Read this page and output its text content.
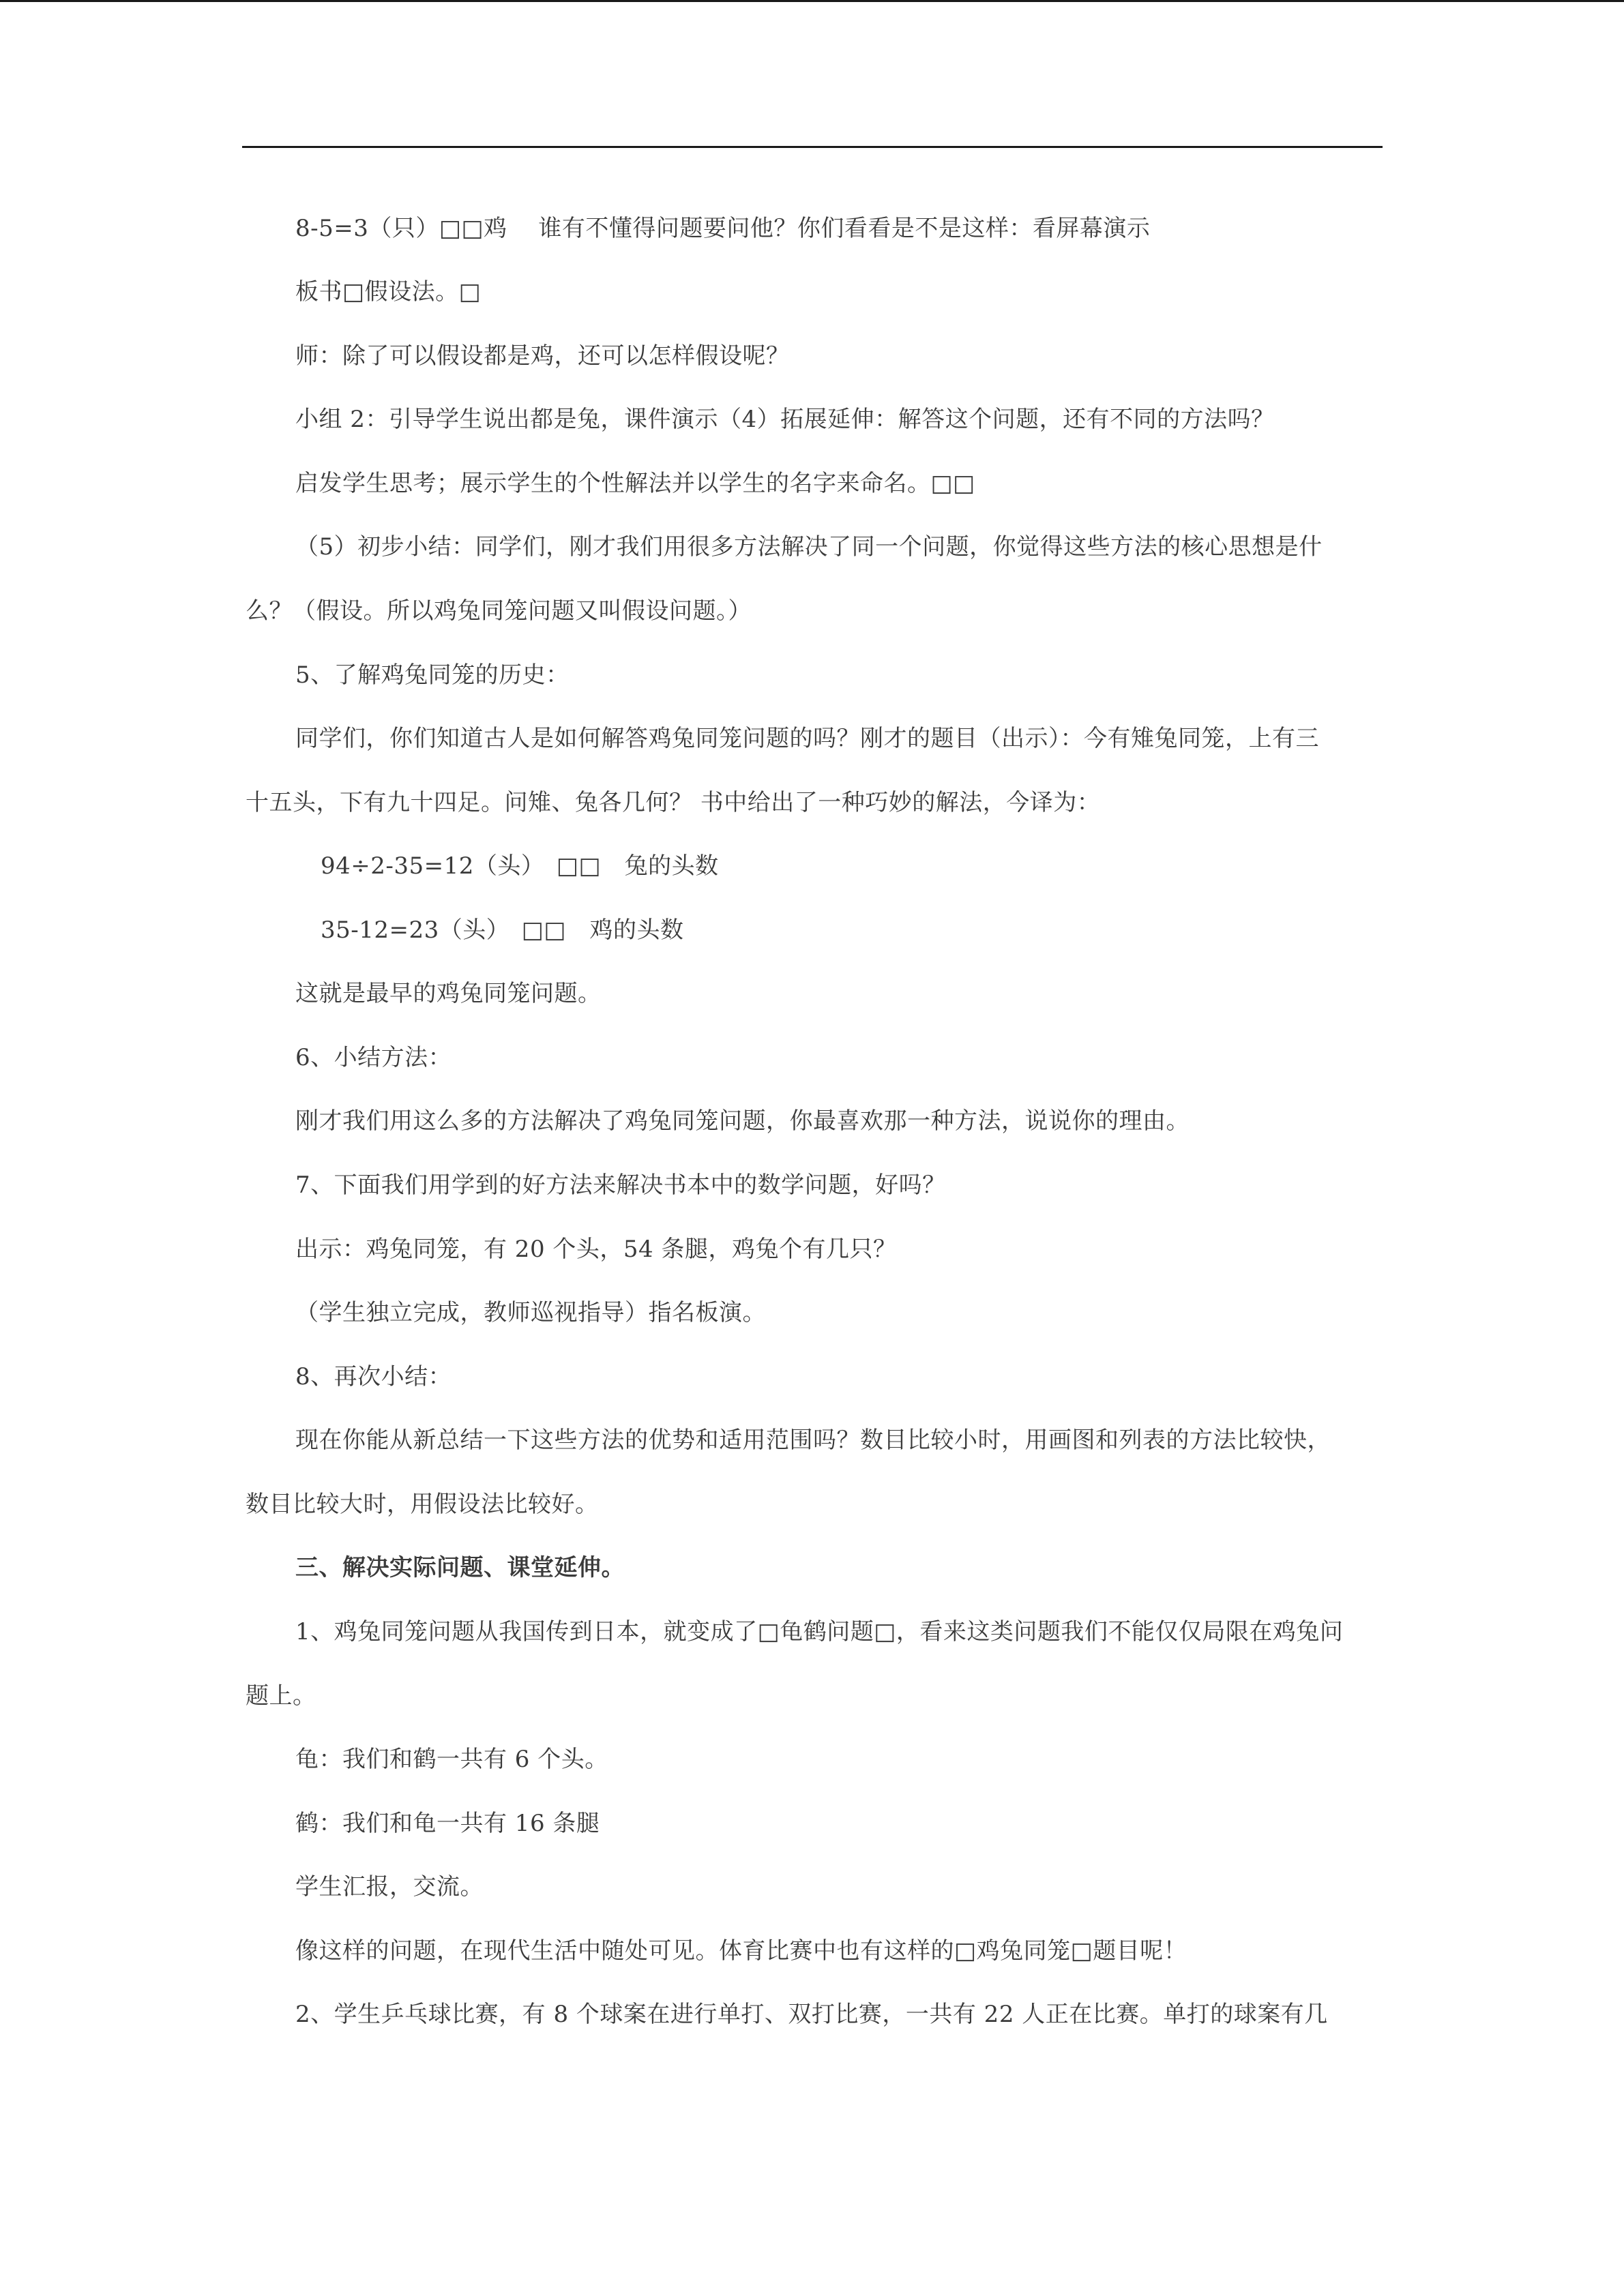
8-5=3（只）□□鸡　 谁有不懂得问题要问他？你们看看是不是这样：看屏幕演示
板书□假设法。□
师：除了可以假设都是鸡，还可以怎样假设呢？
小组 2：引导学生说出都是兔，课件演示（4）拓展延伸：解答这个问题，还有不同的方法吗？
启发学生思考；展示学生的个性解法并以学生的名字来命名。□□
（5）初步小结：同学们，刚才我们用很多方法解决了同一个问题，你觉得这些方法的核心思想是什
么？（假设。所以鸡兔同笼问题又叫假设问题。）
5、了解鸡兔同笼的历史：
同学们，你们知道古人是如何解答鸡兔同笼问题的吗？刚才的题目（出示）：今有雉兔同笼，上有三
十五头，下有九十四足。问雉、兔各几何？ 书中给出了一种巧妙的解法，今译为：
94÷2-35=12（头）　□□　兔的头数
35-12=23（头）　□□　鸡的头数
这就是最早的鸡兔同笼问题。
6、小结方法：
刚才我们用这么多的方法解决了鸡兔同笼问题，你最喜欢那一种方法，说说你的理由。
7、下面我们用学到的好方法来解决书本中的数学问题，好吗？
出示：鸡兔同笼，有 20 个头，54 条腿，鸡兔个有几只？
（学生独立完成，教师巡视指导）指名板演。
8、再次小结：
现在你能从新总结一下这些方法的优势和适用范围吗？数目比较小时，用画图和列表的方法比较快，
数目比较大时，用假设法比较好。
三、解决实际问题、课堂延伸。
1、鸡兔同笼问题从我国传到日本，就变成了□龟鹤问题□，看来这类问题我们不能仅仅局限在鸡兔问
题上。
龟：我们和鹤一共有 6 个头。
鹤：我们和龟一共有 16 条腿
学生汇报，交流。
像这样的问题，在现代生活中随处可见。体育比赛中也有这样的□鸡兔同笼□题目呢！
2、学生乒乓球比赛，有 8 个球案在进行单打、双打比赛，一共有 22 人正在比赛。单打的球案有几
